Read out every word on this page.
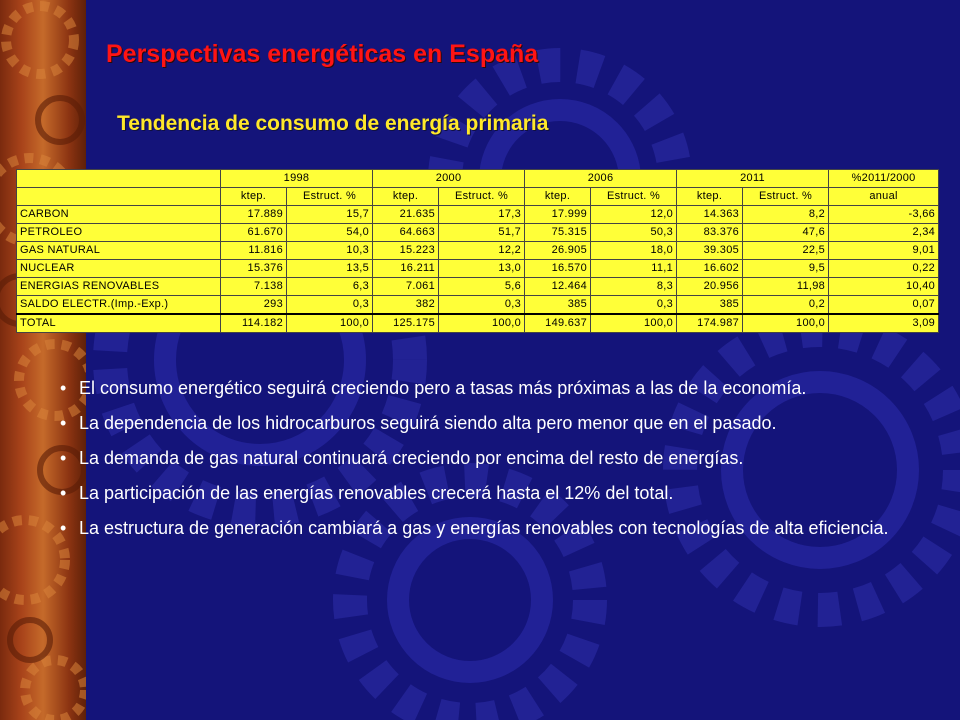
Perspectivas energéticas en España
Tendencia de consumo de energía primaria
	1998		2000		2006		2011		%2011/2000
	ktep.	Estruct. %	ktep.	Estruct. %	ktep.	Estruct. %	ktep.	Estruct. %	anual
CARBON	17.889	15,7	21.635	17,3	17.999	12,0	14.363	8,2	-3,66
PETROLEO	61.670	54,0	64.663	51,7	75.315	50,3	83.376	47,6	2,34
GAS NATURAL	11.816	10,3	15.223	12,2	26.905	18,0	39.305	22,5	9,01
NUCLEAR	15.376	13,5	16.211	13,0	16.570	11,1	16.602	9,5	0,22
ENERGIAS RENOVABLES	7.138	6,3	7.061	5,6	12.464	8,3	20.956	11,98	10,40
SALDO ELECTR.(Imp.-Exp.)	293	0,3	382	0,3	385	0,3	385	0,2	0,07
TOTAL	114.182	100,0	125.175	100,0	149.637	100,0	174.987	100,0	3,09
• El consumo energético seguirá creciendo pero a tasas más próximas a las de la economía.
• La dependencia de los hidrocarburos seguirá siendo alta pero menor que en el pasado.
• La demanda de gas natural continuará creciendo por encima del resto de energías.
• La participación de las energías renovables crecerá hasta el 12% del total.
• La estructura de generación cambiará a gas y energías renovables con tecnologías de alta eficiencia.
